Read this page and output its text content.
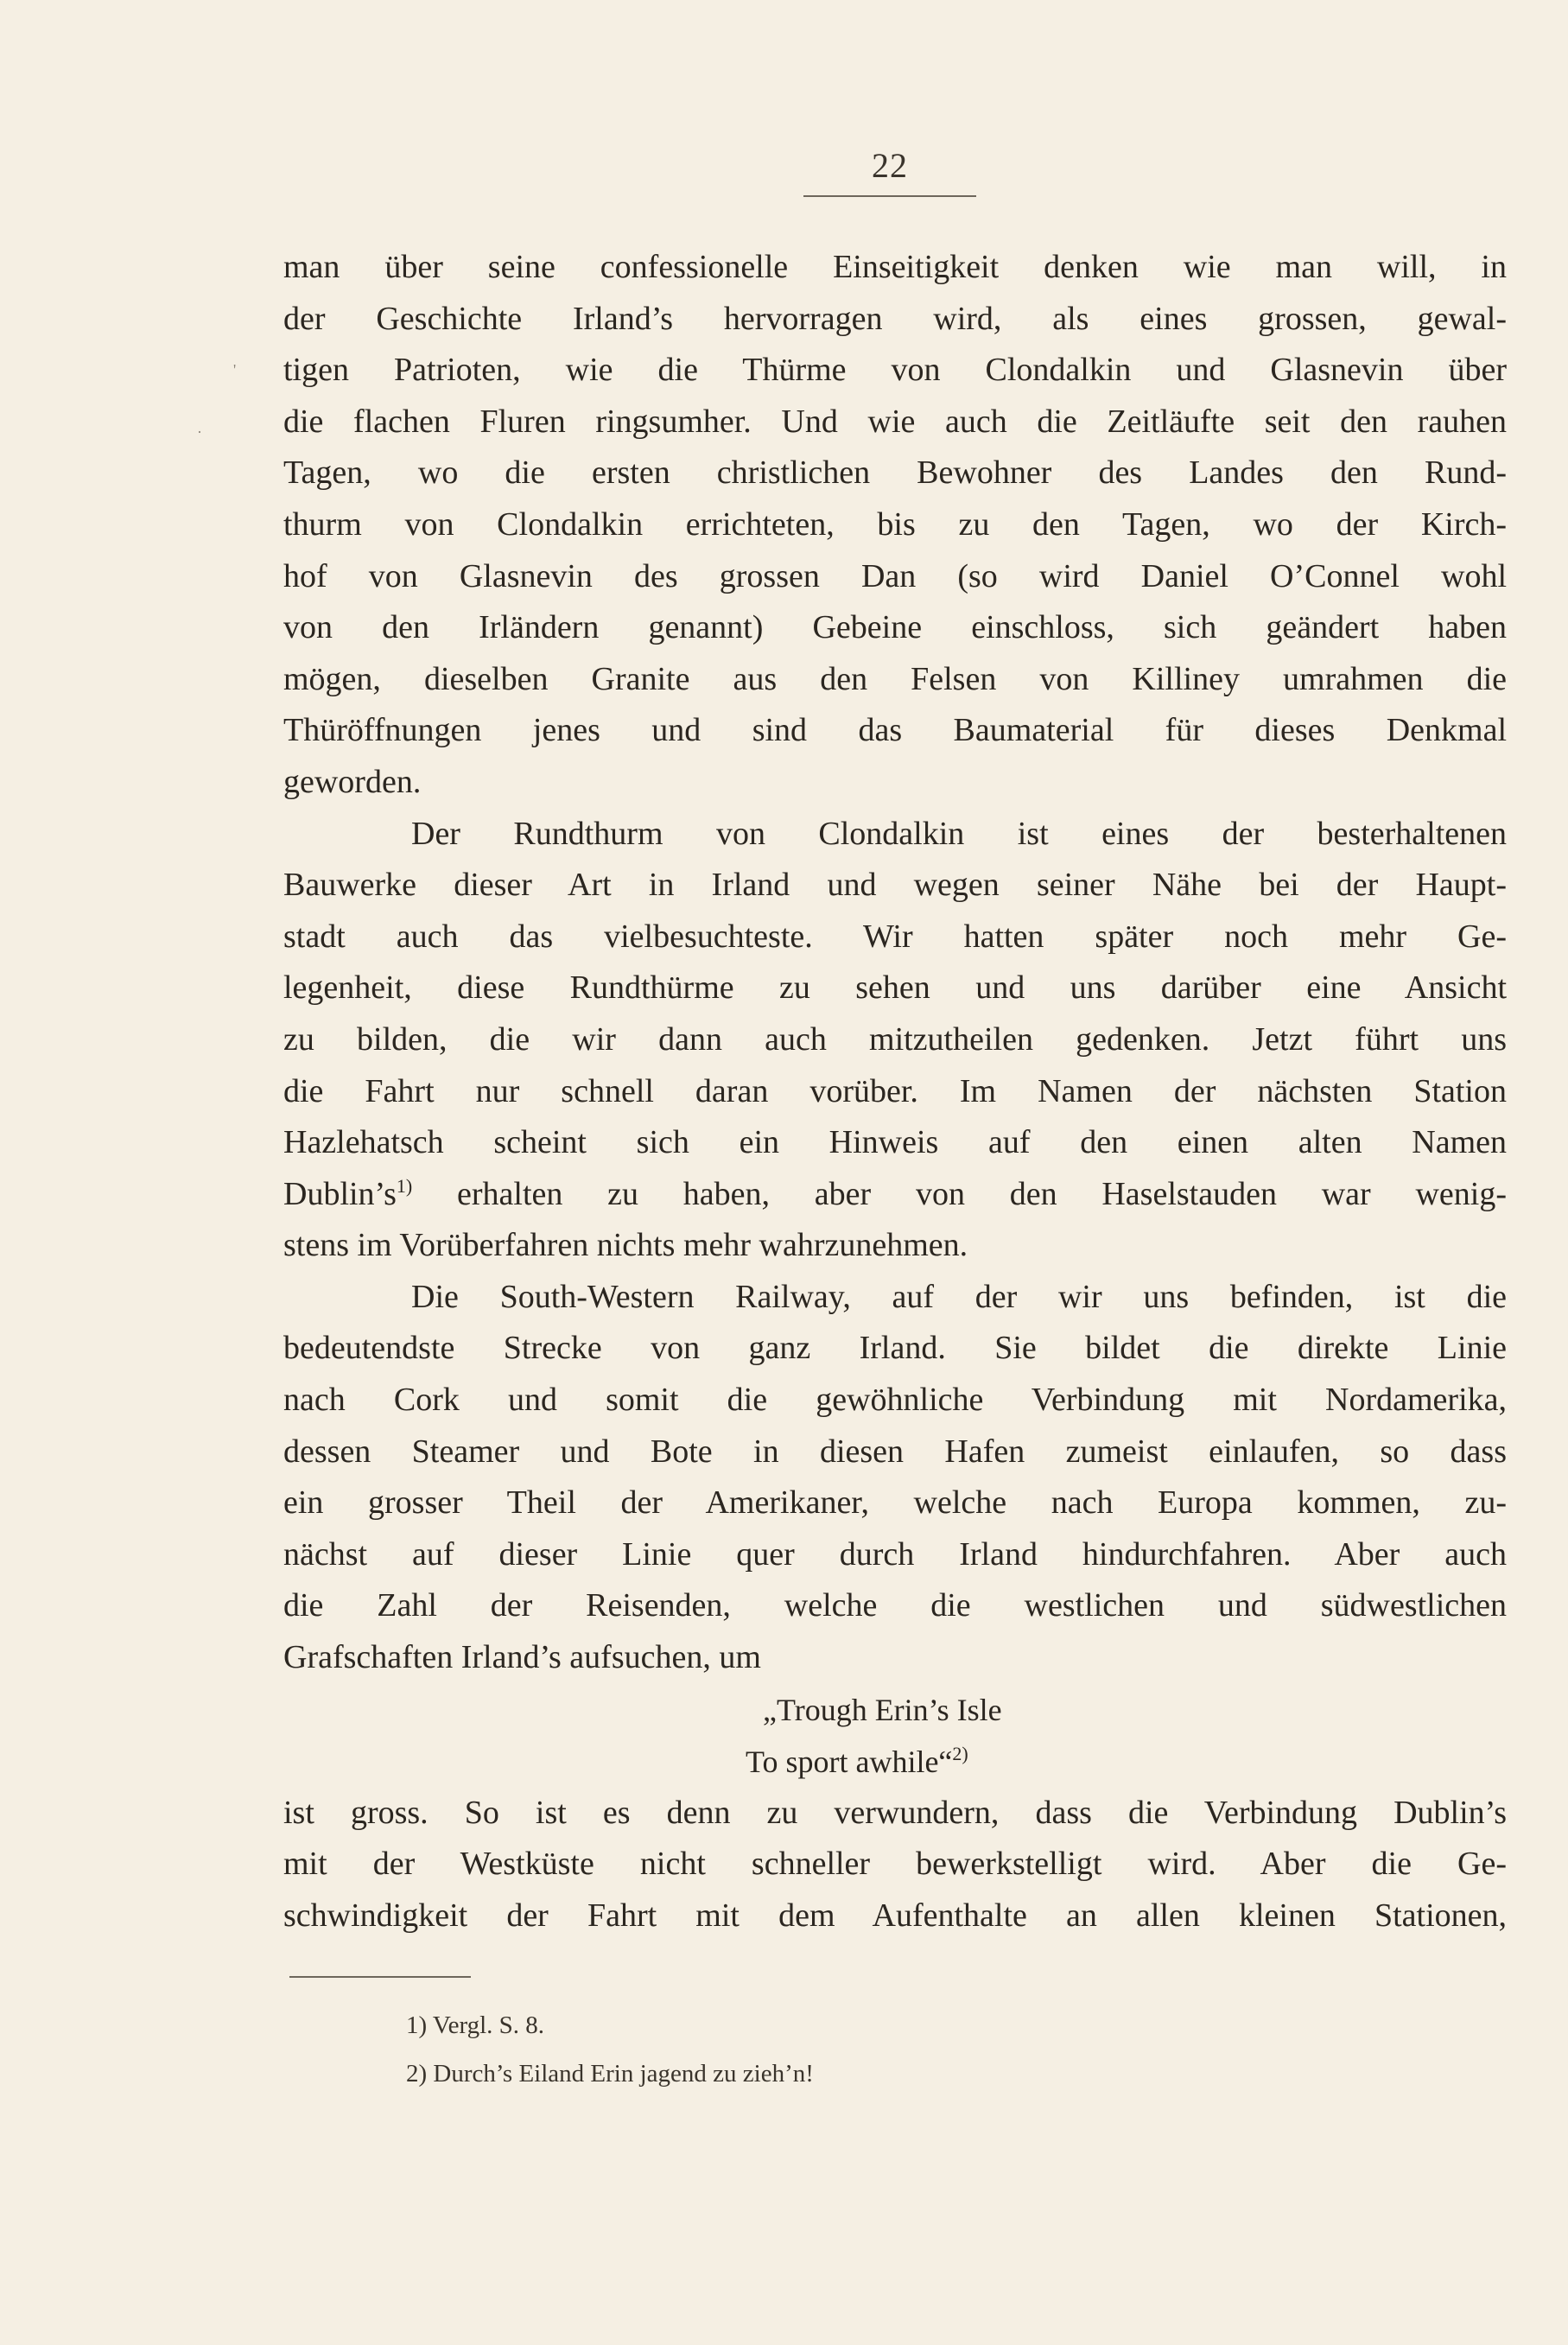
22
man über seine confessionelle Einseitigkeit denken wie man will, in
der Geschichte Irland’s hervorragen wird, als eines grossen, gewal-
tigen Patrioten, wie die Thürme von Clondalkin und Glasnevin über
die flachen Fluren ringsumher. Und wie auch die Zeitläufte seit den rauhen
Tagen, wo die ersten christlichen Bewohner des Landes den Rund-
thurm von Clondalkin errichteten, bis zu den Tagen, wo der Kirch-
hof von Glasnevin des grossen Dan (so wird Daniel O’Connel wohl
von den Irländern genannt) Gebeine einschloss, sich geändert haben
mögen, dieselben Granite aus den Felsen von Killiney umrahmen die
Thüröffnungen jenes und sind das Baumaterial für dieses Denkmal
geworden.
Der Rundthurm von Clondalkin ist eines der besterhaltenen
Bauwerke dieser Art in Irland und wegen seiner Nähe bei der Haupt-
stadt auch das vielbesuchteste. Wir hatten später noch mehr Ge-
legenheit, diese Rundthürme zu sehen und uns darüber eine Ansicht
zu bilden, die wir dann auch mitzutheilen gedenken. Jetzt führt uns
die Fahrt nur schnell daran vorüber. Im Namen der nächsten Station
Hazlehatsch scheint sich ein Hinweis auf den einen alten Namen
$Dublin’s^{1)}$ erhalten zu haben, aber von den Haselstauden war wenig-
stens im Vorüberfahren nichts mehr wahrzunehmen.
Die South-Western Railway, auf der wir uns befinden, ist die
bedeutendste Strecke von ganz Irland. Sie bildet die direkte Linie
nach Cork und somit die gewöhnliche Verbindung mit Nordamerika,
dessen Steamer und Bote in diesen Hafen zumeist einlaufen, so dass
ein grosser Theil der Amerikaner, welche nach Europa kommen, zu-
nächst auf dieser Linie quer durch Irland hindurchfahren. Aber auch
die Zahl der Reisenden, welche die westlichen und südwestlichen
Grafschaften Irland’s aufsuchen, um
„Trough Erin’s Isle
To sport awhile“$^{2)}$
ist gross. So ist es denn zu verwundern, dass die Verbindung Dublin’s
mit der Westküste nicht schneller bewerkstelligt wird. Aber die Ge-
schwindigkeit der Fahrt mit dem Aufenthalte an allen kleinen Stationen,
1) Vergl. S. 8.
2) Durch’s Eiland Erin jagend zu zieh’n!
'
·
